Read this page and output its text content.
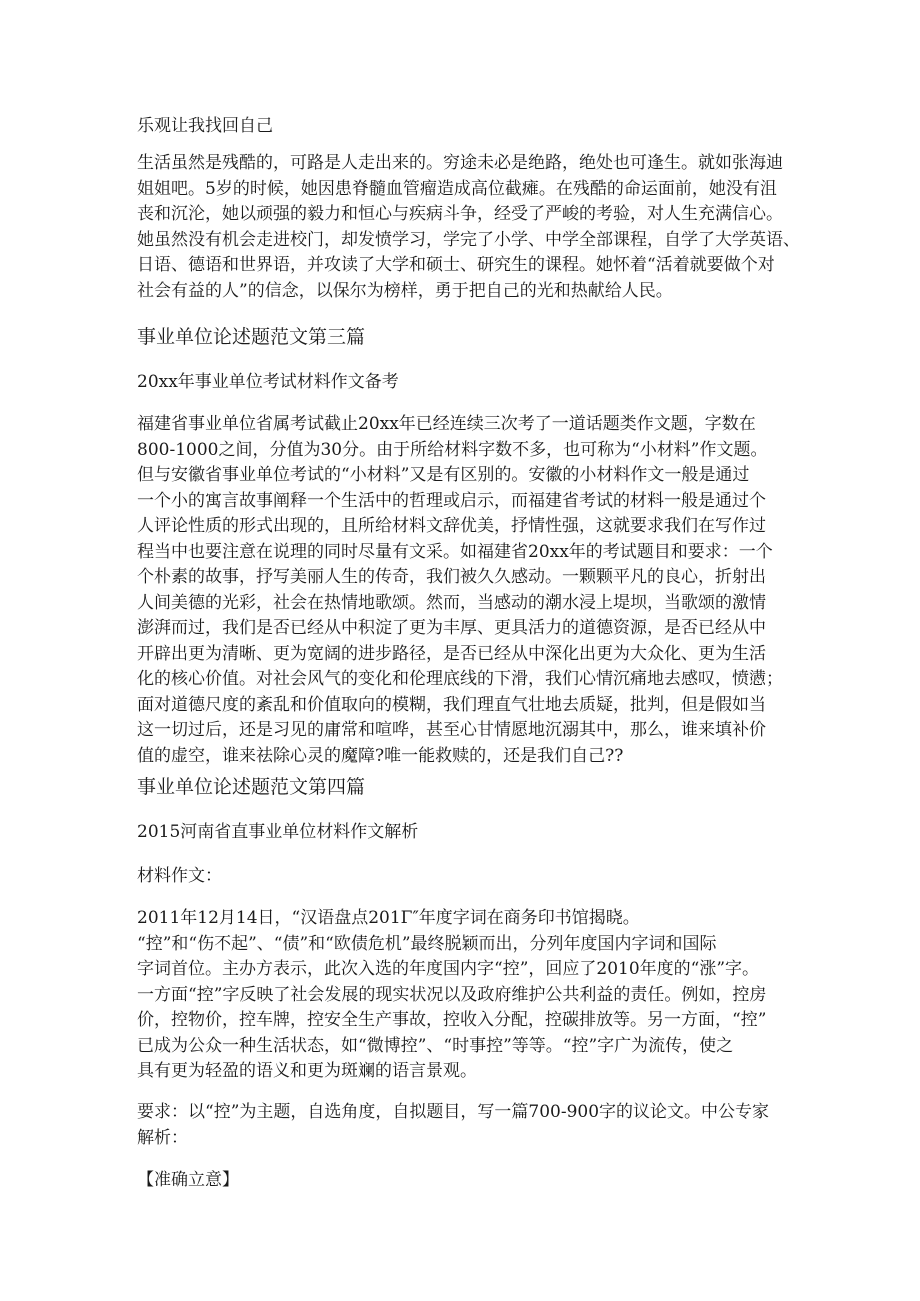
乐观让我找回自己

生活虽然是残酷的，可路是人走出来的。穷途未必是绝路，绝处也可逢生。就如张海迪
姐姐吧。5岁的时候，她因患脊髓血管瘤造成高位截瘫。在残酷的命运面前，她没有沮
丧和沉沦，她以顽强的毅力和恒心与疾病斗争，经受了严峻的考验，对人生充满信心。
她虽然没有机会走进校门，却发愤学习，学完了小学、中学全部课程，自学了大学英语、
日语、德语和世界语，并攻读了大学和硕士、研究生的课程。她怀着“活着就要做个对
社会有益的人”的信念，以保尔为榜样，勇于把自己的光和热献给人民。

事业单位论述题范文第三篇

20xx年事业单位考试材料作文备考

福建省事业单位省属考试截止20xx年已经连续三次考了一道话题类作文题，字数在
800-1000之间，分值为30分。由于所给材料字数不多，也可称为“小材料”作文题。
但与安徽省事业单位考试的“小材料”又是有区别的。安徽的小材料作文一般是通过
一个小的寓言故事阐释一个生活中的哲理或启示，而福建省考试的材料一般是通过个
人评论性质的形式出现的，且所给材料文辞优美，抒情性强，这就要求我们在写作过
程当中也要注意在说理的同时尽量有文采。如福建省20xx年的考试题目和要求：一个
个朴素的故事，抒写美丽人生的传奇，我们被久久感动。一颗颗平凡的良心，折射出
人间美德的光彩，社会在热情地歌颂。然而，当感动的潮水浸上堤坝，当歌颂的激情
澎湃而过，我们是否已经从中积淀了更为丰厚、更具活力的道德资源，是否已经从中
开辟出更为清晰、更为宽阔的进步路径，是否已经从中深化出更为大众化、更为生活
化的核心价值。对社会风气的变化和伦理底线的下滑，我们心情沉痛地去感叹，愤懑；
面对道德尺度的紊乱和价值取向的模糊，我们理直气壮地去质疑，批判，但是假如当
这一切过后，还是习见的庸常和喧哗，甚至心甘情愿地沉溺其中，那么，谁来填补价
值的虚空，谁来祛除心灵的魔障?唯一能救赎的，还是我们自己??

事业单位论述题范文第四篇

2015河南省直事业单位材料作文解析

材料作文：

2011年12月14日，“汉语盘点201Γ″年度字词在商务印书馆揭晓。
“控”和“伤不起”、“债”和“欧债危机”最终脱颖而出，分列年度国内字词和国际
字词首位。主办方表示，此次入选的年度国内字“控”，回应了2010年度的“涨”字。
一方面“控”字反映了社会发展的现实状况以及政府维护公共利益的责任。例如，控房
价，控物价，控车牌，控安全生产事故，控收入分配，控碳排放等。另一方面，“控”
已成为公众一种生活状态，如“微博控”、“时事控”等等。“控”字广为流传，使之
具有更为轻盈的语义和更为斑斓的语言景观。
要求：以“控”为主题，自选角度，自拟题目，写一篇700-900字的议论文。中公专家
解析：

【准确立意】
